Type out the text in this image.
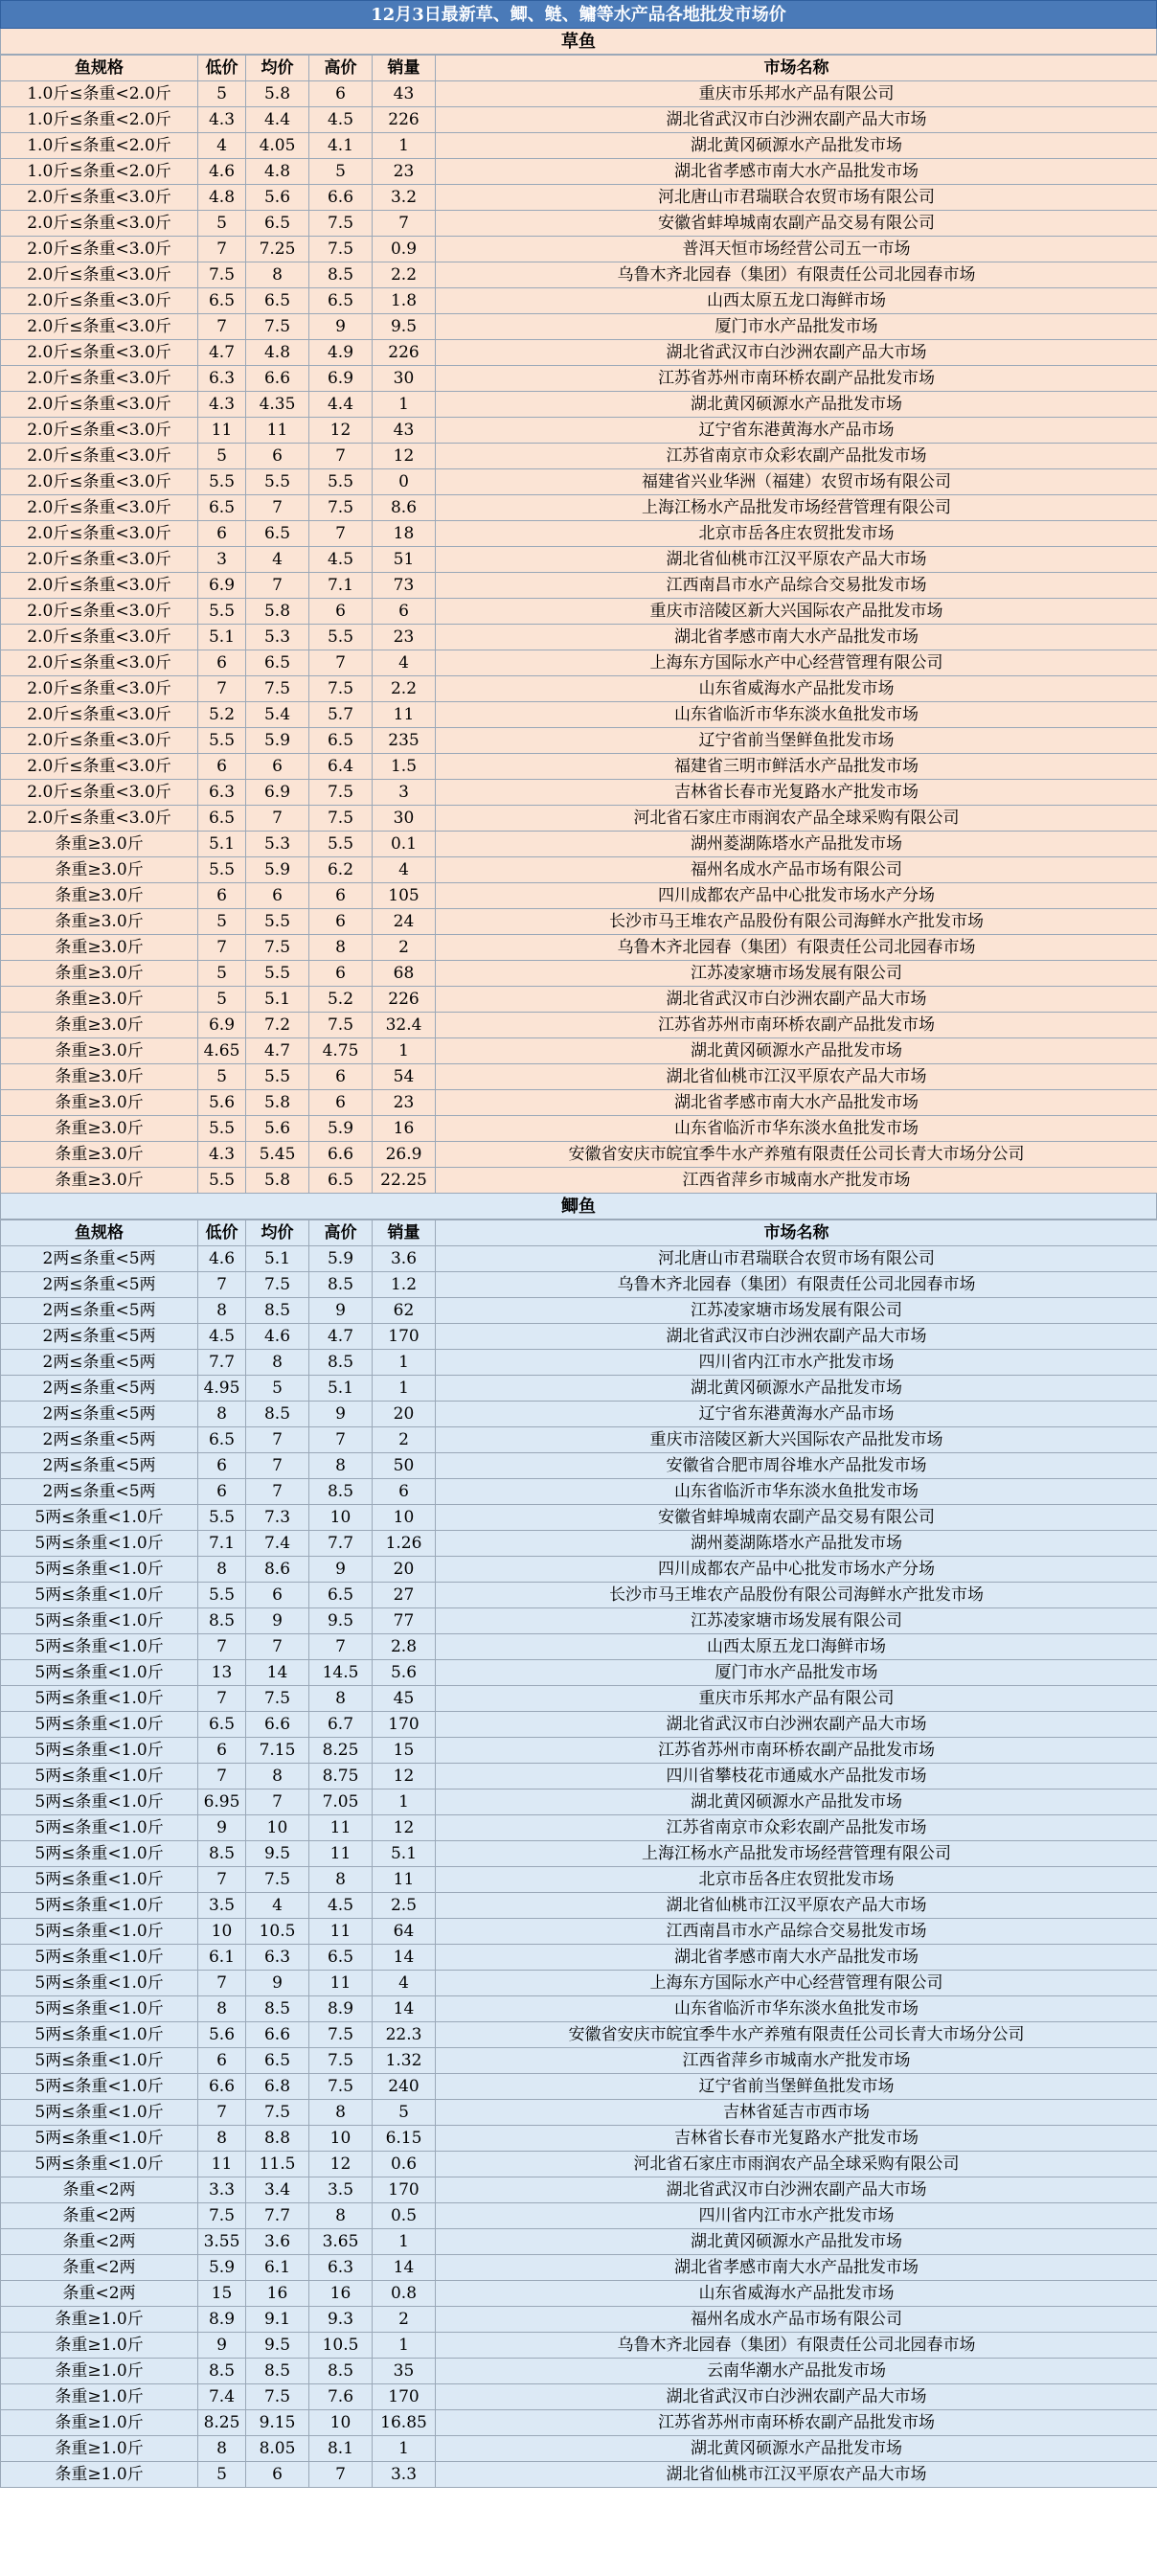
12月3日最新草、鲫、鲢、鳙等水产品各地批发市场价
草鱼
鱼规格	低价	均价	高价	销量	市场名称
1.0斤≤条重<2.0斤	5	5.8	6	43	重庆市乐邦水产品有限公司
1.0斤≤条重<2.0斤	4.3	4.4	4.5	226	湖北省武汉市白沙洲农副产品大市场
1.0斤≤条重<2.0斤	4	4.05	4.1	1	湖北黄冈硕源水产品批发市场
1.0斤≤条重<2.0斤	4.6	4.8	5	23	湖北省孝感市南大水产品批发市场
2.0斤≤条重<3.0斤	4.8	5.6	6.6	3.2	河北唐山市君瑞联合农贸市场有限公司
2.0斤≤条重<3.0斤	5	6.5	7.5	7	安徽省蚌埠城南农副产品交易有限公司
2.0斤≤条重<3.0斤	7	7.25	7.5	0.9	普洱天恒市场经营公司五一市场
2.0斤≤条重<3.0斤	7.5	8	8.5	2.2	乌鲁木齐北园春（集团）有限责任公司北园春市场
2.0斤≤条重<3.0斤	6.5	6.5	6.5	1.8	山西太原五龙口海鲜市场
2.0斤≤条重<3.0斤	7	7.5	9	9.5	厦门市水产品批发市场
2.0斤≤条重<3.0斤	4.7	4.8	4.9	226	湖北省武汉市白沙洲农副产品大市场
2.0斤≤条重<3.0斤	6.3	6.6	6.9	30	江苏省苏州市南环桥农副产品批发市场
2.0斤≤条重<3.0斤	4.3	4.35	4.4	1	湖北黄冈硕源水产品批发市场
2.0斤≤条重<3.0斤	11	11	12	43	辽宁省东港黄海水产品市场
2.0斤≤条重<3.0斤	5	6	7	12	江苏省南京市众彩农副产品批发市场
2.0斤≤条重<3.0斤	5.5	5.5	5.5	0	福建省兴业华洲（福建）农贸市场有限公司
2.0斤≤条重<3.0斤	6.5	7	7.5	8.6	上海江杨水产品批发市场经营管理有限公司
2.0斤≤条重<3.0斤	6	6.5	7	18	北京市岳各庄农贸批发市场
2.0斤≤条重<3.0斤	3	4	4.5	51	湖北省仙桃市江汉平原农产品大市场
2.0斤≤条重<3.0斤	6.9	7	7.1	73	江西南昌市水产品综合交易批发市场
2.0斤≤条重<3.0斤	5.5	5.8	6	6	重庆市涪陵区新大兴国际农产品批发市场
2.0斤≤条重<3.0斤	5.1	5.3	5.5	23	湖北省孝感市南大水产品批发市场
2.0斤≤条重<3.0斤	6	6.5	7	4	上海东方国际水产中心经营管理有限公司
2.0斤≤条重<3.0斤	7	7.5	7.5	2.2	山东省威海水产品批发市场
2.0斤≤条重<3.0斤	5.2	5.4	5.7	11	山东省临沂市华东淡水鱼批发市场
2.0斤≤条重<3.0斤	5.5	5.9	6.5	235	辽宁省前当堡鲜鱼批发市场
2.0斤≤条重<3.0斤	6	6	6.4	1.5	福建省三明市鲜活水产品批发市场
2.0斤≤条重<3.0斤	6.3	6.9	7.5	3	吉林省长春市光复路水产批发市场
2.0斤≤条重<3.0斤	6.5	7	7.5	30	河北省石家庄市雨润农产品全球采购有限公司
条重≥3.0斤	5.1	5.3	5.5	0.1	湖州菱湖陈塔水产品批发市场
条重≥3.0斤	5.5	5.9	6.2	4	福州名成水产品市场有限公司
条重≥3.0斤	6	6	6	105	四川成都农产品中心批发市场水产分场
条重≥3.0斤	5	5.5	6	24	长沙市马王堆农产品股份有限公司海鲜水产批发市场
条重≥3.0斤	7	7.5	8	2	乌鲁木齐北园春（集团）有限责任公司北园春市场
条重≥3.0斤	5	5.5	6	68	江苏凌家塘市场发展有限公司
条重≥3.0斤	5	5.1	5.2	226	湖北省武汉市白沙洲农副产品大市场
条重≥3.0斤	6.9	7.2	7.5	32.4	江苏省苏州市南环桥农副产品批发市场
条重≥3.0斤	4.65	4.7	4.75	1	湖北黄冈硕源水产品批发市场
条重≥3.0斤	5	5.5	6	54	湖北省仙桃市江汉平原农产品大市场
条重≥3.0斤	5.6	5.8	6	23	湖北省孝感市南大水产品批发市场
条重≥3.0斤	5.5	5.6	5.9	16	山东省临沂市华东淡水鱼批发市场
条重≥3.0斤	4.3	5.45	6.6	26.9	安徽省安庆市皖宜季牛水产养殖有限责任公司长青大市场分公司
条重≥3.0斤	5.5	5.8	6.5	22.25	江西省萍乡市城南水产批发市场
鲫鱼
鱼规格	低价	均价	高价	销量	市场名称
2两≤条重<5两	4.6	5.1	5.9	3.6	河北唐山市君瑞联合农贸市场有限公司
2两≤条重<5两	7	7.5	8.5	1.2	乌鲁木齐北园春（集团）有限责任公司北园春市场
2两≤条重<5两	8	8.5	9	62	江苏凌家塘市场发展有限公司
2两≤条重<5两	4.5	4.6	4.7	170	湖北省武汉市白沙洲农副产品大市场
2两≤条重<5两	7.7	8	8.5	1	四川省内江市水产批发市场
2两≤条重<5两	4.95	5	5.1	1	湖北黄冈硕源水产品批发市场
2两≤条重<5两	8	8.5	9	20	辽宁省东港黄海水产品市场
2两≤条重<5两	6.5	7	7	2	重庆市涪陵区新大兴国际农产品批发市场
2两≤条重<5两	6	7	8	50	安徽省合肥市周谷堆水产品批发市场
2两≤条重<5两	6	7	8.5	6	山东省临沂市华东淡水鱼批发市场
5两≤条重<1.0斤	5.5	7.3	10	10	安徽省蚌埠城南农副产品交易有限公司
5两≤条重<1.0斤	7.1	7.4	7.7	1.26	湖州菱湖陈塔水产品批发市场
5两≤条重<1.0斤	8	8.6	9	20	四川成都农产品中心批发市场水产分场
5两≤条重<1.0斤	5.5	6	6.5	27	长沙市马王堆农产品股份有限公司海鲜水产批发市场
5两≤条重<1.0斤	8.5	9	9.5	77	江苏凌家塘市场发展有限公司
5两≤条重<1.0斤	7	7	7	2.8	山西太原五龙口海鲜市场
5两≤条重<1.0斤	13	14	14.5	5.6	厦门市水产品批发市场
5两≤条重<1.0斤	7	7.5	8	45	重庆市乐邦水产品有限公司
5两≤条重<1.0斤	6.5	6.6	6.7	170	湖北省武汉市白沙洲农副产品大市场
5两≤条重<1.0斤	6	7.15	8.25	15	江苏省苏州市南环桥农副产品批发市场
5两≤条重<1.0斤	7	8	8.75	12	四川省攀枝花市通威水产品批发市场
5两≤条重<1.0斤	6.95	7	7.05	1	湖北黄冈硕源水产品批发市场
5两≤条重<1.0斤	9	10	11	12	江苏省南京市众彩农副产品批发市场
5两≤条重<1.0斤	8.5	9.5	11	5.1	上海江杨水产品批发市场经营管理有限公司
5两≤条重<1.0斤	7	7.5	8	11	北京市岳各庄农贸批发市场
5两≤条重<1.0斤	3.5	4	4.5	2.5	湖北省仙桃市江汉平原农产品大市场
5两≤条重<1.0斤	10	10.5	11	64	江西南昌市水产品综合交易批发市场
5两≤条重<1.0斤	6.1	6.3	6.5	14	湖北省孝感市南大水产品批发市场
5两≤条重<1.0斤	7	9	11	4	上海东方国际水产中心经营管理有限公司
5两≤条重<1.0斤	8	8.5	8.9	14	山东省临沂市华东淡水鱼批发市场
5两≤条重<1.0斤	5.6	6.6	7.5	22.3	安徽省安庆市皖宜季牛水产养殖有限责任公司长青大市场分公司
5两≤条重<1.0斤	6	6.5	7.5	1.32	江西省萍乡市城南水产批发市场
5两≤条重<1.0斤	6.6	6.8	7.5	240	辽宁省前当堡鲜鱼批发市场
5两≤条重<1.0斤	7	7.5	8	5	吉林省延吉市西市场
5两≤条重<1.0斤	8	8.8	10	6.15	吉林省长春市光复路水产批发市场
5两≤条重<1.0斤	11	11.5	12	0.6	河北省石家庄市雨润农产品全球采购有限公司
条重<2两	3.3	3.4	3.5	170	湖北省武汉市白沙洲农副产品大市场
条重<2两	7.5	7.7	8	0.5	四川省内江市水产批发市场
条重<2两	3.55	3.6	3.65	1	湖北黄冈硕源水产品批发市场
条重<2两	5.9	6.1	6.3	14	湖北省孝感市南大水产品批发市场
条重<2两	15	16	16	0.8	山东省威海水产品批发市场
条重≥1.0斤	8.9	9.1	9.3	2	福州名成水产品市场有限公司
条重≥1.0斤	9	9.5	10.5	1	乌鲁木齐北园春（集团）有限责任公司北园春市场
条重≥1.0斤	8.5	8.5	8.5	35	云南华潮水产品批发市场
条重≥1.0斤	7.4	7.5	7.6	170	湖北省武汉市白沙洲农副产品大市场
条重≥1.0斤	8.25	9.15	10	16.85	江苏省苏州市南环桥农副产品批发市场
条重≥1.0斤	8	8.05	8.1	1	湖北黄冈硕源水产品批发市场
条重≥1.0斤	5	6	7	3.3	湖北省仙桃市江汉平原农产品大市场
